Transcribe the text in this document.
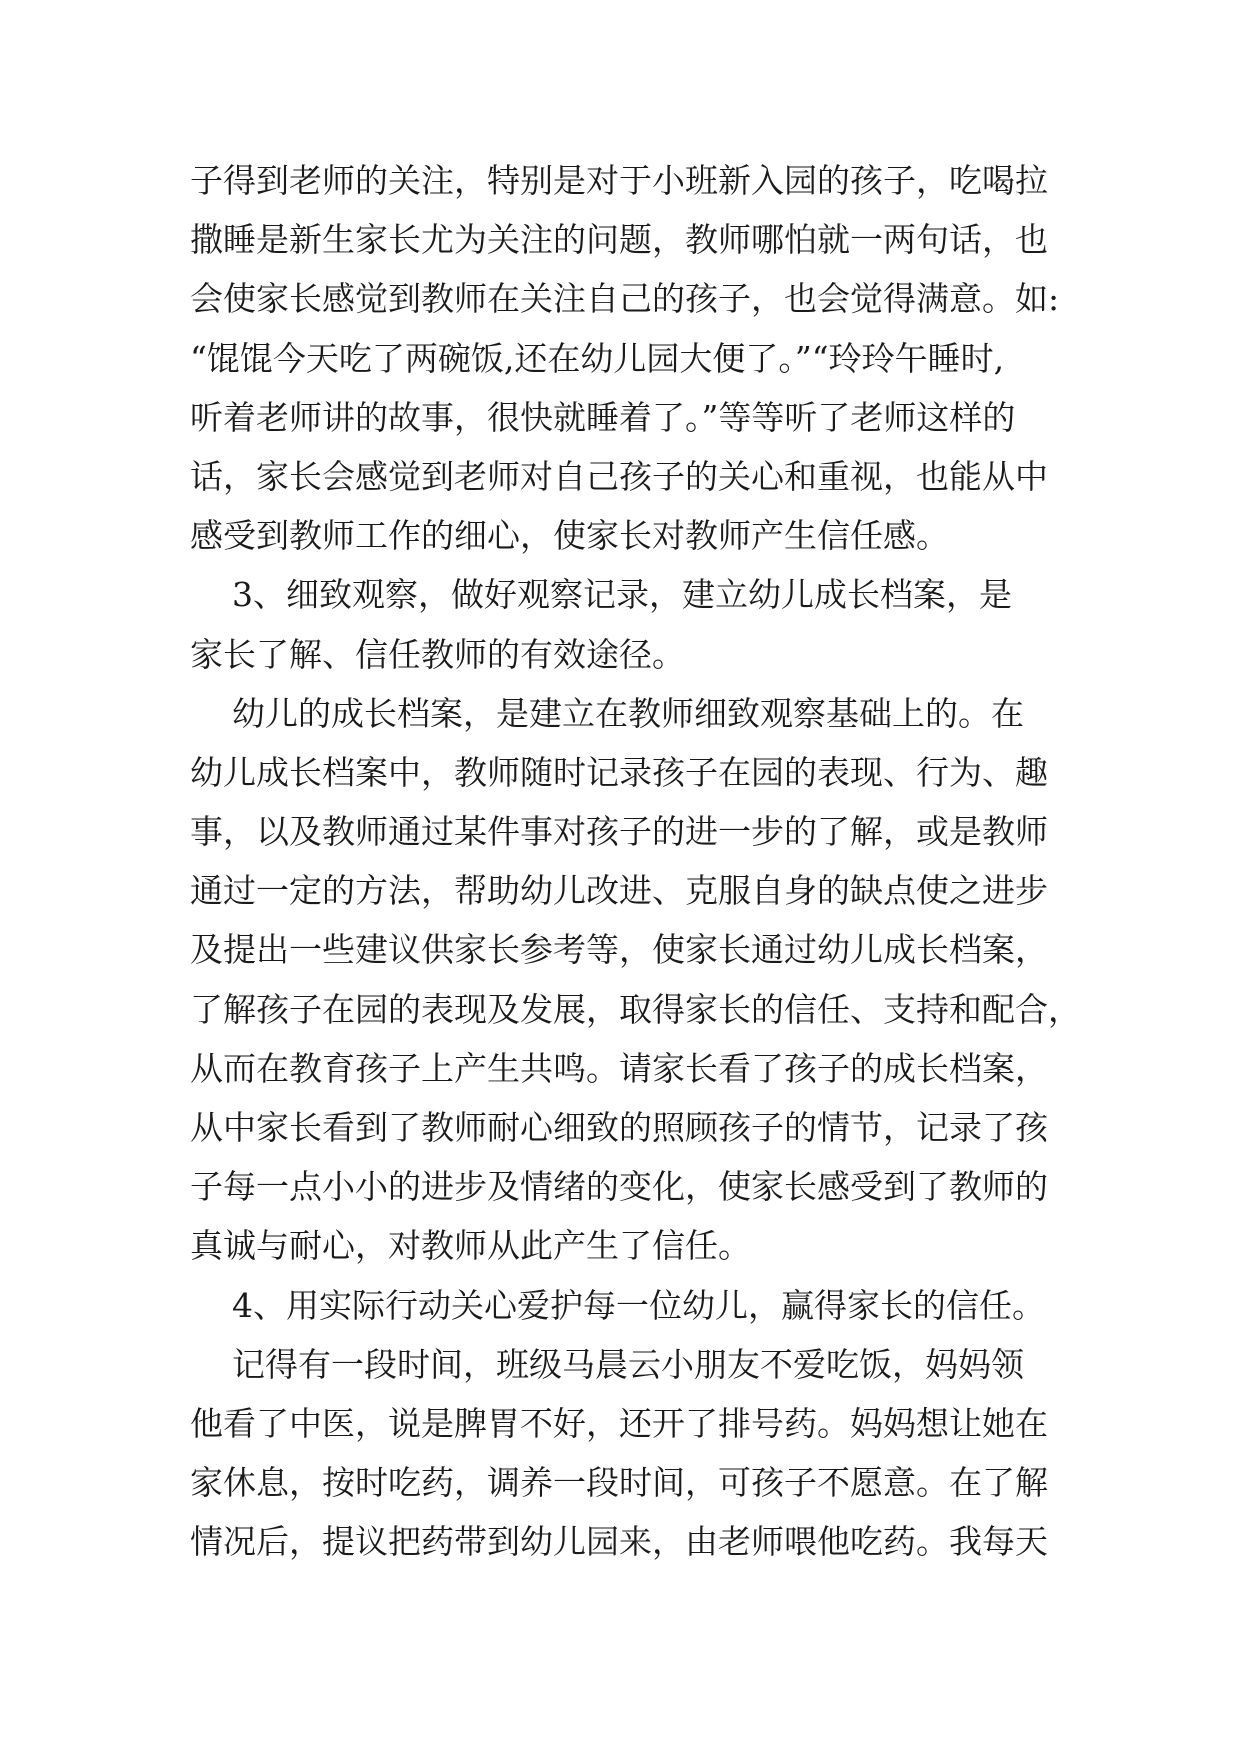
子得到老师的关注，特别是对于小班新入园的孩子，吃喝拉
撒睡是新生家长尤为关注的问题，教师哪怕就一两句话，也
会使家长感觉到教师在关注自己的孩子，也会觉得满意。如:
“馄馄今天吃了两碗饭,还在幼儿园大便了。”“玲玲午睡时,
听着老师讲的故事，很快就睡着了。”等等听了老师这样的
话，家长会感觉到老师对自己孩子的关心和重视，也能从中
感受到教师工作的细心，使家长对教师产生信任感。
3、细致观察，做好观察记录，建立幼儿成长档案，是
家长了解、信任教师的有效途径。
幼儿的成长档案，是建立在教师细致观察基础上的。在
幼儿成长档案中，教师随时记录孩子在园的表现、行为、趣
事，以及教师通过某件事对孩子的进一步的了解，或是教师
通过一定的方法，帮助幼儿改进、克服自身的缺点使之进步
及提出一些建议供家长参考等，使家长通过幼儿成长档案，
了解孩子在园的表现及发展，取得家长的信任、支持和配合，
从而在教育孩子上产生共鸣。请家长看了孩子的成长档案，
从中家长看到了教师耐心细致的照顾孩子的情节，记录了孩
子每一点小小的进步及情绪的变化，使家长感受到了教师的
真诚与耐心，对教师从此产生了信任。
4、用实际行动关心爱护每一位幼儿，赢得家长的信任。
记得有一段时间，班级马晨云小朋友不爱吃饭，妈妈领
他看了中医，说是脾胃不好，还开了排号药。妈妈想让她在
家休息，按时吃药，调养一段时间，可孩子不愿意。在了解
情况后，提议把药带到幼儿园来，由老师喂他吃药。我每天
